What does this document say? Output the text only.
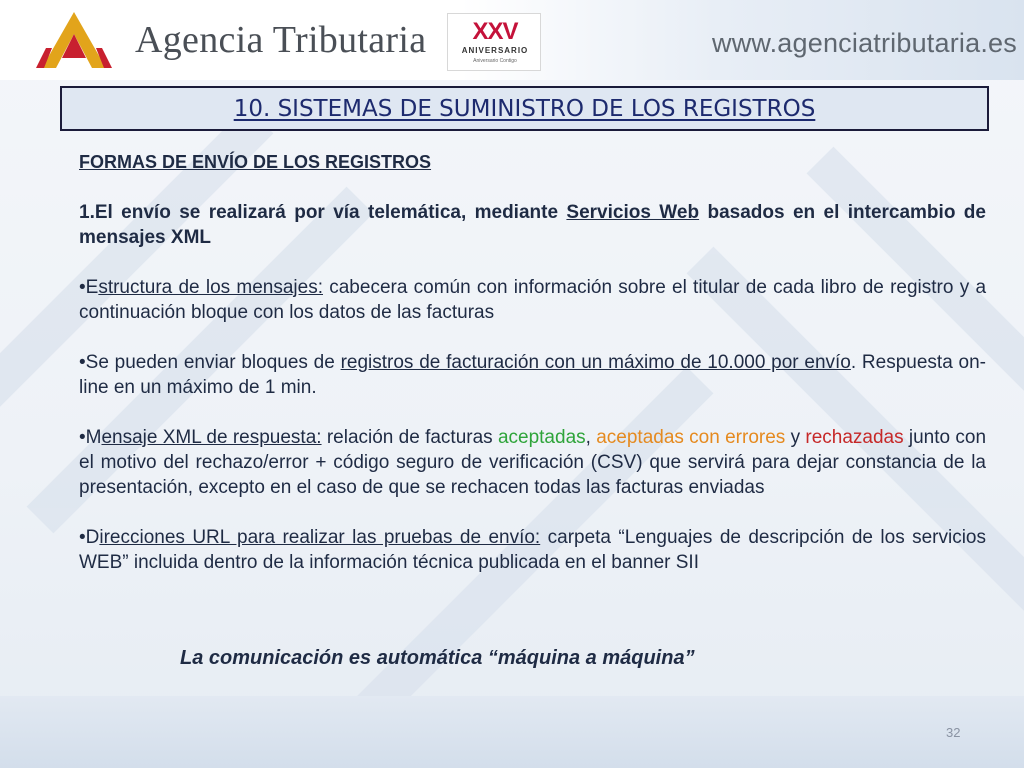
Agencia Tributaria	XXV
ANIVERSARIO
Aniversario Contigo
www.agenciatributaria.es
10. SISTEMAS DE SUMINISTRO DE LOS REGISTROS
FORMAS DE ENVÍO DE LOS REGISTROS
1.El envío se realizará por vía telemática, mediante Servicios Web basados en el intercambio de mensajes XML
•Estructura de los mensajes: cabecera común con información sobre el titular de cada libro de registro y a continuación bloque con los datos de las facturas
•Se pueden enviar bloques de registros de facturación con un máximo de 10.000 por envío. Respuesta on-line en un máximo de 1 min.
•Mensaje XML de respuesta: relación de facturas aceptadas, aceptadas con errores y rechazadas junto con el motivo del rechazo/error + código seguro de verificación (CSV) que servirá para dejar constancia de la presentación, excepto en el caso de que se rechacen todas las facturas enviadas
•Direcciones URL para realizar las pruebas de envío: carpeta “Lenguajes de descripción de los servicios WEB” incluida dentro de la información técnica publicada en el banner SII
La comunicación es automática “máquina a máquina”
32
